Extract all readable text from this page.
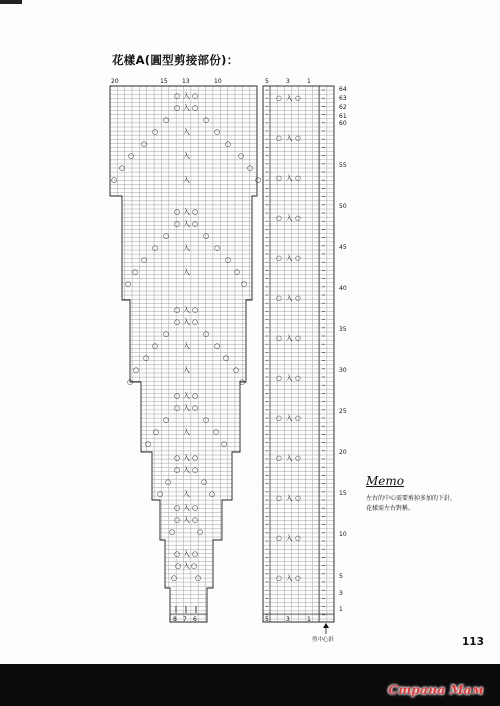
花樣A(圓型剪接部份)：
20	15 13	10	5	3	1
○ 入 ○
○ ○
入
○	○
○	○
入
○	○
○	○
入
○	○
○	○
入
○ 入 ○
○ ○
入
○	○
○	○
入
○	○
○	○
入
○	○
○ 入 ○
○ ○
入
○	○
○	○
入
○	○
○	○
入
○	○
○ 入 ○
○ ○
入
○	○
○	○
入
○	○
○ 入 ○
○ ○
入
○	○
○	○
入
○ 入 ○
○ ○
入
○	○
○ 入 ○
○ ○
入
○	○
○ 入 ○
○ 入 ○
○ 入 ○
○ 入 ○
○ 入 ○
○ 入 ○
○ 入 ○
○ 入 ○
○ 入 ○
○ 入 ○
○ 入 ○
○ 入 ○
○ 入 ○
64
63
62
61
60
55
50
45
40
35
30
25
20
15
10
5
3
1
8 7 6	5	3	1
Memo
左右的中心需要剪掉多加的下針，
花樣需左右對稱。
剪中心針	113
Страна Мам
